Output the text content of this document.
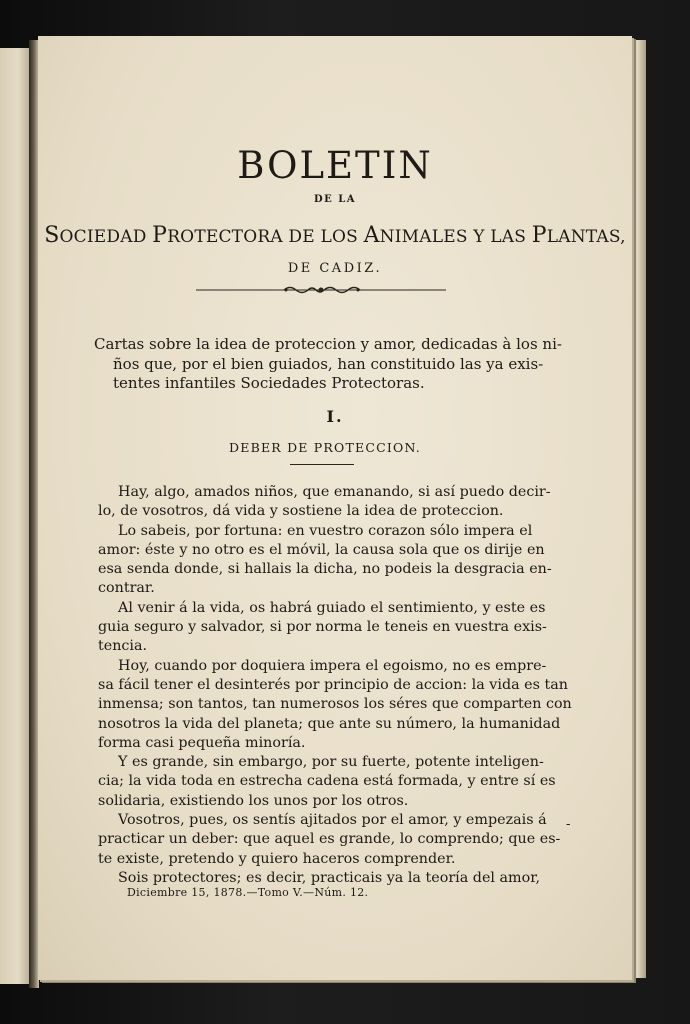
BOLETIN
DE LA
SOCIEDAD PROTECTORA DE LOS ANIMALES Y LAS PLANTAS,
DE CADIZ.
Cartas sobre la idea de proteccion y amor, dedicadas à los ni-
ños que, por el bien guiados, han constituido las ya exis-
tentes infantiles Sociedades Protectoras.
I.
DEBER DE PROTECCION.
Hay, algo, amados niños, que emanando, si así puedo decir-
lo, de vosotros, dá vida y sostiene la idea de proteccion.
Lo sabeis, por fortuna: en vuestro corazon sólo impera el
amor: éste y no otro es el móvil, la causa sola que os dirije en
esa senda donde, si hallais la dicha, no podeis la desgracia en-
contrar.
Al venir á la vida, os habrá guiado el sentimiento, y este es
guia seguro y salvador, si por norma le teneis en vuestra exis-
tencia.
Hoy, cuando por doquiera impera el egoismo, no es empre-
sa fácil tener el desinterés por principio de accion: la vida es tan
inmensa; son tantos, tan numerosos los séres que comparten con
nosotros la vida del planeta; que ante su número, la humanidad
forma casi pequeña minoría.
Y es grande, sin embargo, por su fuerte, potente inteligen-
cia; la vida toda en estrecha cadena está formada, y entre sí es
solidaria, existiendo los unos por los otros.
Vosotros, pues, os sentís ajitados por el amor, y empezais á
practicar un deber: que aquel es grande, lo comprendo; que es-
te existe, pretendo y quiero haceros comprender.
Sois protectores; es decir, practicais ya la teoría del amor,
-
Diciembre 15, 1878.—Tomo V.—Núm. 12.
